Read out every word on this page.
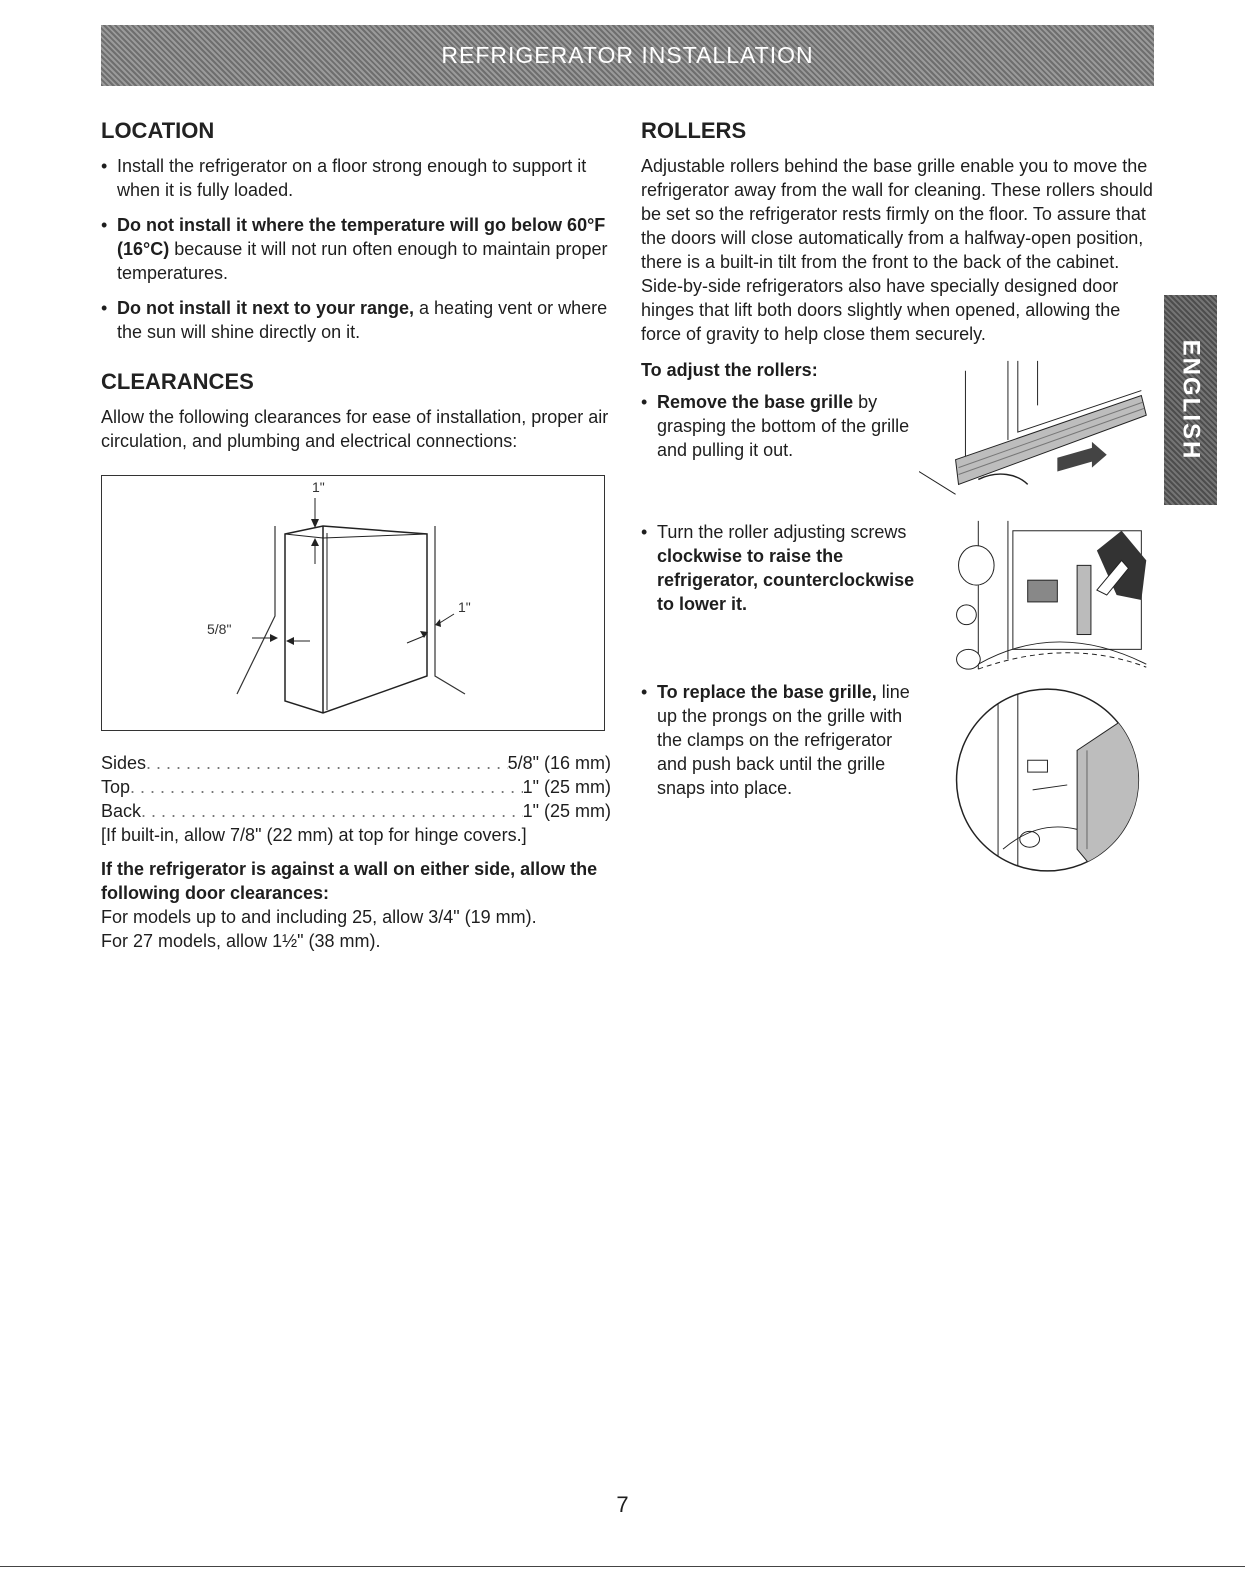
REFRIGERATOR INSTALLATION
LOCATION
• Install the refrigerator on a floor strong enough to support it when it is fully loaded.
• Do not install it where the temperature will go below 60°F (16°C) because it will not run often enough to maintain proper temperatures.
• Do not install it next to your range, a heating vent or where the sun will shine directly on it.
CLEARANCES

Allow the following clearances for ease of installation, proper air circulation, and plumbing and electrical connections:

1"
5/8"
1"
Sides . . .	5/8" (16 mm)
Top . . .	1" (25 mm)
Back . . .	1" (25 mm)

[If built-in, allow 7/8" (22 mm) at top for hinge covers.]

If the refrigerator is against a wall on either side, allow the following door clearances:

For models up to and including 25, allow 3/4" (19 mm).

For 27 models, allow 1½" (38 mm).

ROLLERS

Adjustable rollers behind the base grille enable you to move the refrigerator away from the wall for cleaning. These rollers should be set so the refrigerator rests firmly on the floor. To assure that the doors will close automatically from a halfway-open position, there is a built-in tilt from the front to the back of the cabinet. Side-by-side refrigerators also have specially designed door hinges that lift both doors slightly when opened, allowing the force of gravity to help close them securely.

To adjust the rollers:

• Remove the base grille by grasping the bottom of the grille and pulling it out.

• Turn the roller adjusting screws clockwise to raise the refrigerator, counterclockwise to lower it.

• To replace the base grille, line up the prongs on the grille with the clamps on the refrigerator and push back until the grille snaps into place.

ENGLISH
7
